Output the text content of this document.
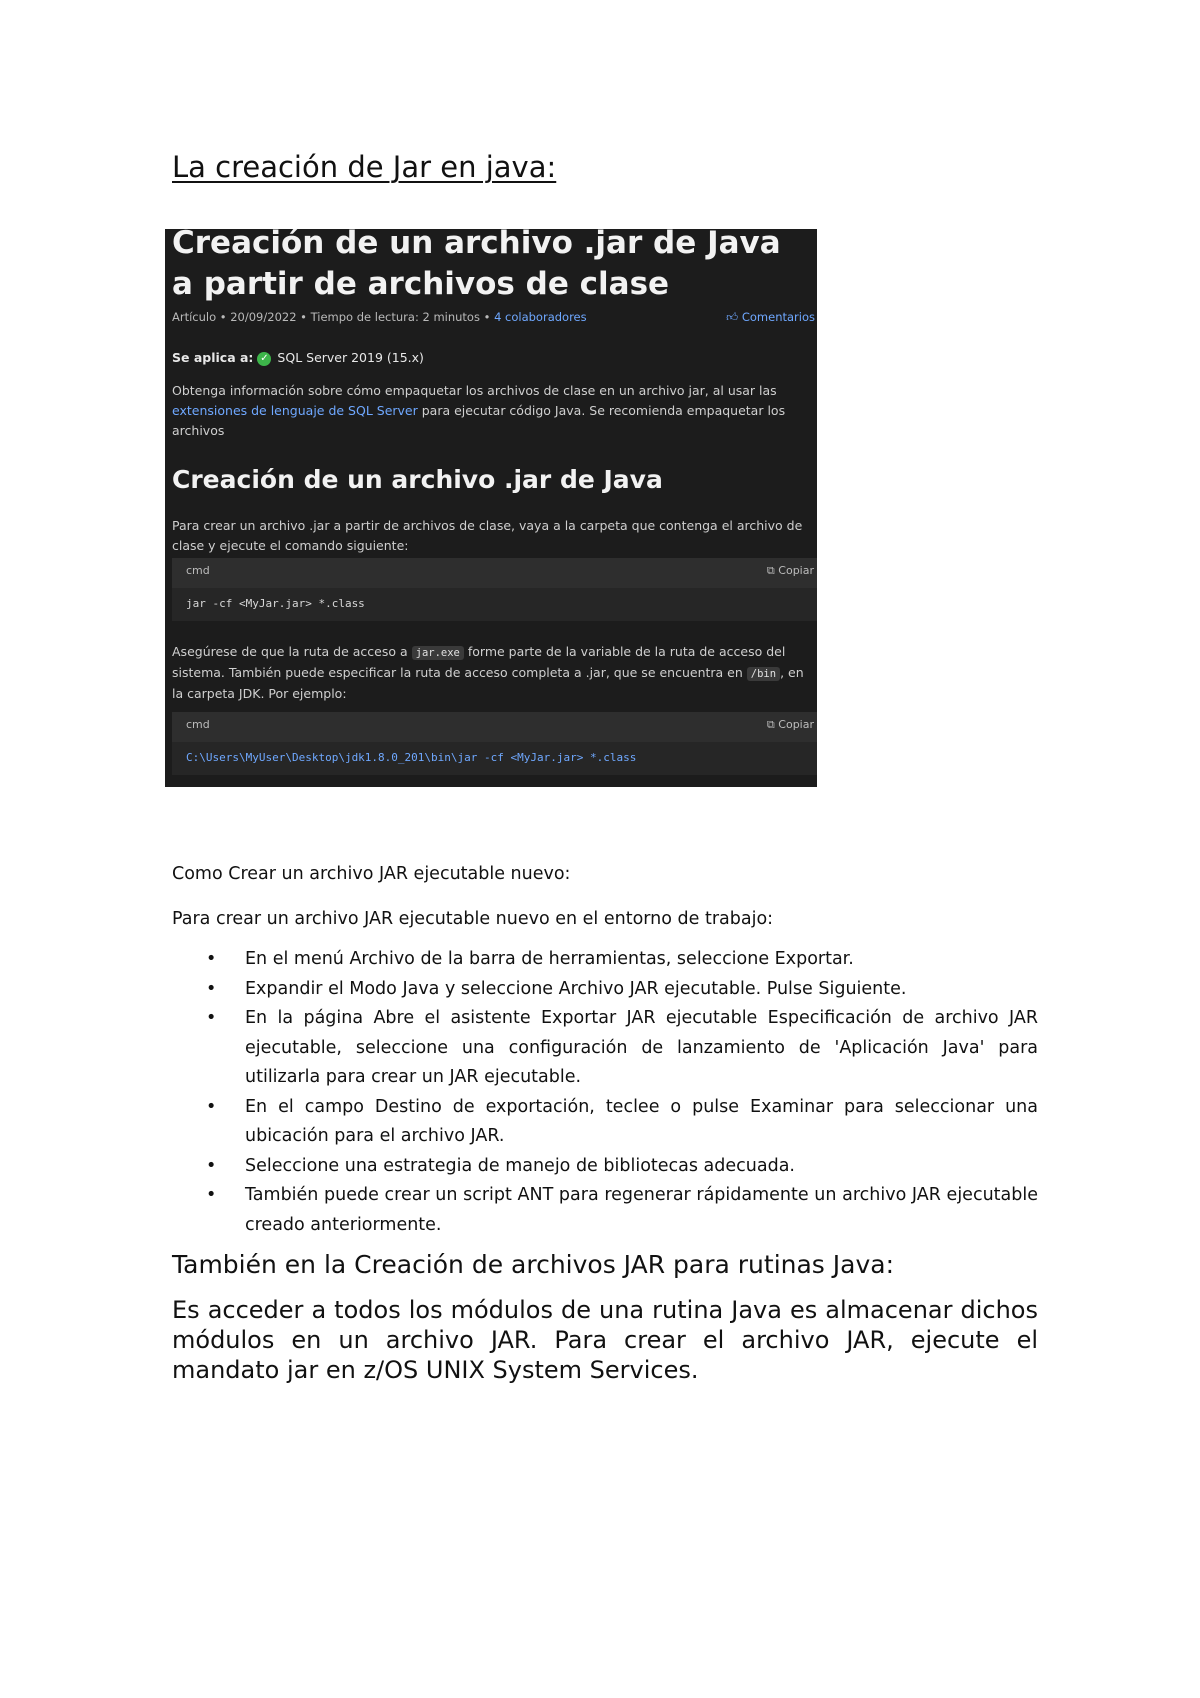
La creación de Jar en java:
Creación de un archivo .jar de Java a partir de archivos de clase
Artículo • 20/09/2022 • Tiempo de lectura: 2 minutos • 4 colaboradores	👍︎ Comentarios
Se aplica a: ✓ SQL Server 2019 (15.x)
Obtenga información sobre cómo empaquetar los archivos de clase en un archivo jar, al usar las extensiones de lenguaje de SQL Server para ejecutar código Java. Se recomienda empaquetar los archivos
Creación de un archivo .jar de Java
Para crear un archivo .jar a partir de archivos de clase, vaya a la carpeta que contenga el archivo de clase y ejecute el comando siguiente:
cmd	⧉ Copiar
jar -cf <MyJar.jar> *.class
Asegúrese de que la ruta de acceso a jar.exe forme parte de la variable de la ruta de acceso del sistema. También puede especificar la ruta de acceso completa a .jar, que se encuentra en /bin , en la carpeta JDK. Por ejemplo:
cmd	⧉ Copiar
C:\Users\MyUser\Desktop\jdk1.8.0_201\bin\jar -cf <MyJar.jar> *.class

Como Crear un archivo JAR ejecutable nuevo:

Para crear un archivo JAR ejecutable nuevo en el entorno de trabajo:

• En el menú Archivo de la barra de herramientas, seleccione Exportar.
• Expandir el Modo Java y seleccione Archivo JAR ejecutable. Pulse Siguiente.
• En la página Abre el asistente Exportar JAR ejecutable Especificación de archivo JAR ejecutable, seleccione una configuración de lanzamiento de 'Aplicación Java' para utilizarla para crear un JAR ejecutable.
• En el campo Destino de exportación, teclee o pulse Examinar para seleccionar una ubicación para el archivo JAR.
• Seleccione una estrategia de manejo de bibliotecas adecuada.
• También puede crear un script ANT para regenerar rápidamente un archivo JAR ejecutable creado anteriormente.
También en la Creación de archivos JAR para rutinas Java:

Es acceder a todos los módulos de una rutina Java es almacenar dichos módulos en un archivo JAR. Para crear el archivo JAR, ejecute el mandato jar en z/OS UNIX System Services.
